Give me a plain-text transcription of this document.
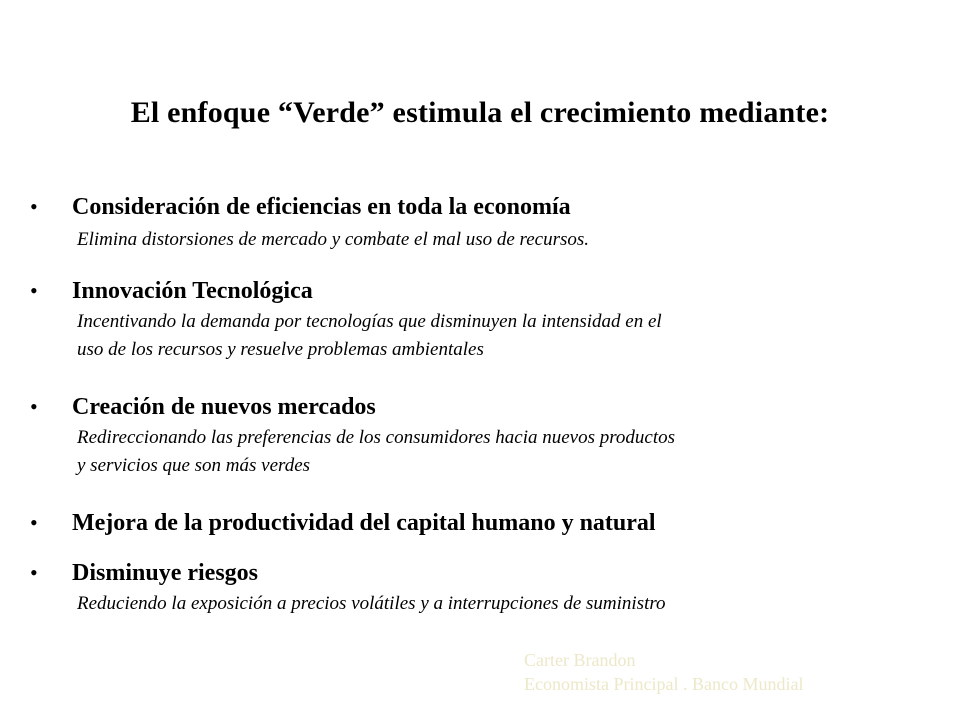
El enfoque “Verde” estimula el crecimiento mediante:
• Consideración de eficiencias en toda la economía
Elimina distorsiones de mercado y combate el mal uso de recursos.
• Innovación Tecnológica
Incentivando la demanda por tecnologías que disminuyen la intensidad en el
uso de los recursos y resuelve problemas ambientales
• Creación de nuevos mercados
Redireccionando las preferencias de los consumidores hacia nuevos productos
y servicios que son más verdes
• Mejora de la productividad del capital humano y natural
• Disminuye riesgos
Reduciendo la exposición a precios volátiles y a interrupciones de suministro
Carter Brandon
Economista Principal . Banco Mundial
